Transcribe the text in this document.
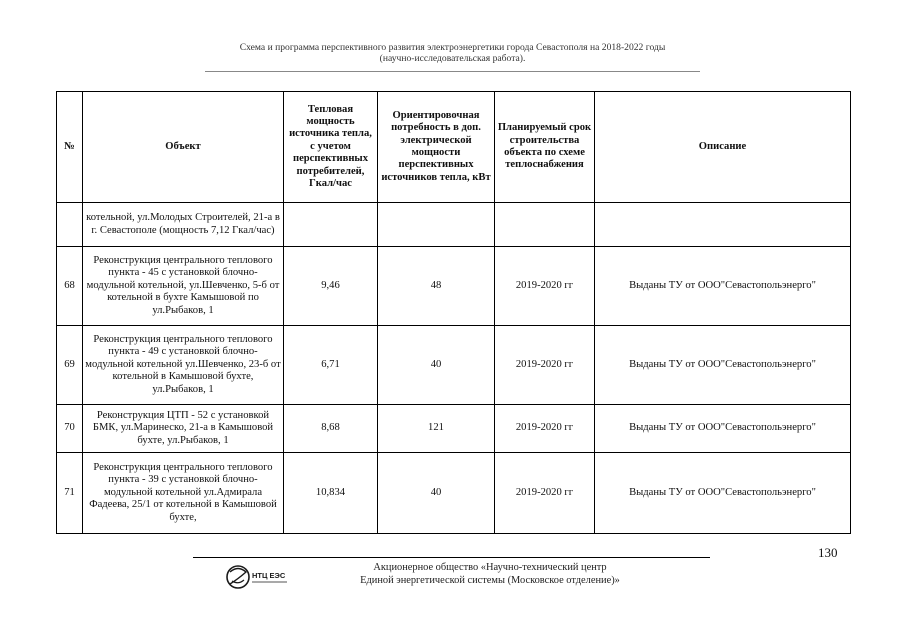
Схема и программа перспективного развития электроэнергетики города Севастополя на 2018-2022 годы
(научно-исследовательская работа).
№	Объект	Тепловая мощность источника тепла, с учетом перспективных потребителей, Гкал/час	Ориентировочная потребность в доп. электрической мощности перспективных источников тепла, кВт	Планируемый срок строительства объекта по схеме теплоснабжения	Описание
	котельной, ул.Молодых Строителей, 21-а в г. Севастополе (мощность 7,12 Гкал/час)				
68	Реконструкция центрального теплового пункта - 45 с установкой блочно-модульной котельной, ул.Шевченко, 5-б от котельной в бухте Камышовой по ул.Рыбаков, 1	9,46	48	2019-2020 гг	Выданы ТУ от ООО"Севастопольэнерго"
69	Реконструкция центрального теплового пункта - 49 с установкой блочно-модульной котельной ул.Шевченко, 23-б от котельной в Камышовой бухте, ул.Рыбаков, 1	6,71	40	2019-2020 гг	Выданы ТУ от ООО"Севастопольэнерго"
70	Реконструкция ЦТП - 52 с установкой БМК, ул.Маринеско, 21-а в Камышовой бухте, ул.Рыбаков, 1	8,68	121	2019-2020 гг	Выданы ТУ от ООО"Севастопольэнерго"
71	Реконструкция центрального теплового пункта - 39 с установкой блочно-модульной котельной ул.Адмирала Фадеева, 25/1 от котельной в Камышовой бухте,	10,834	40	2019-2020 гг	Выданы ТУ от ООО"Севастопольэнерго"
130
НТЦ ЕЭС
Акционерное общество «Научно-технический центр
Единой энергетической системы (Московское отделение)»
